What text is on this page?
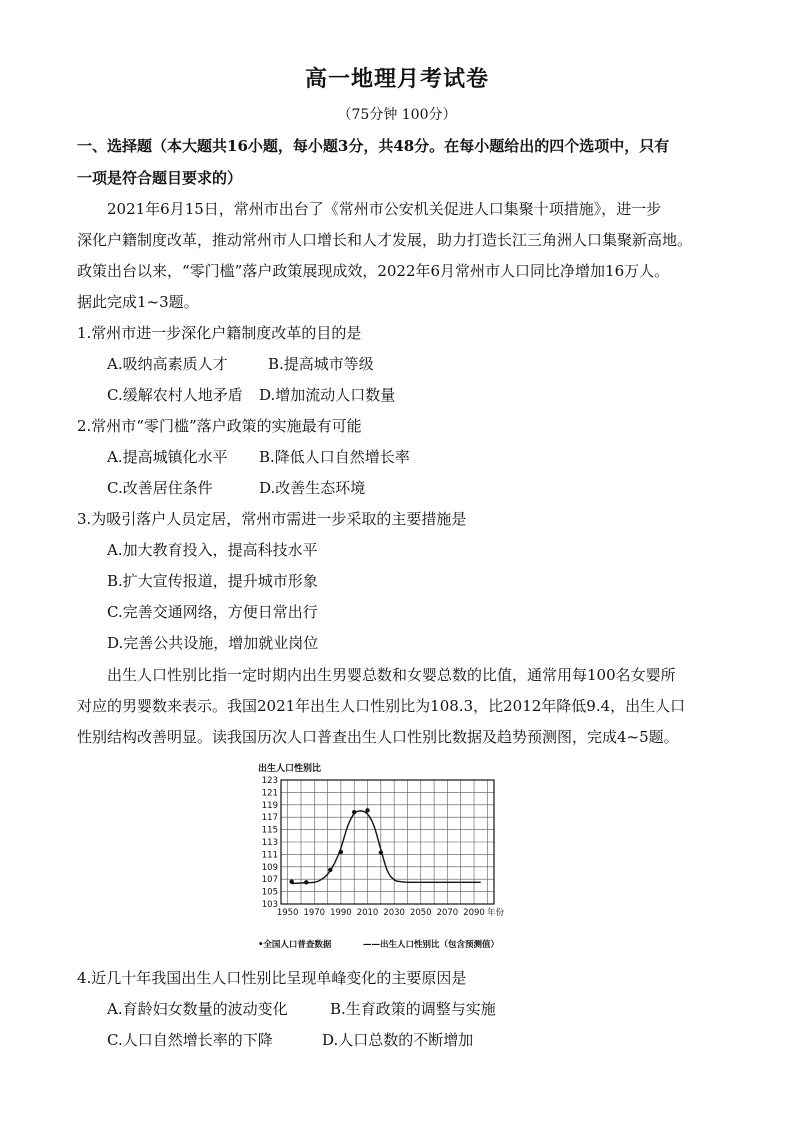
高一地理月考试卷
（75分钟 100分）
一、选择题（本大题共16小题，每小题3分，共48分。在每小题给出的四个选项中，只有
一项是符合题目要求的）
2021年6月15日，常州市出台了《常州市公安机关促进人口集聚十项措施》，进一步
深化户籍制度改革，推动常州市人口增长和人才发展，助力打造长江三角洲人口集聚新高地。
政策出台以来，“零门槛”落户政策展现成效，2022年6月常州市人口同比净增加16万人。
据此完成1~3题。
1.常州市进一步深化户籍制度改革的目的是
A.吸纳高素质人才	B.提高城市等级
C.缓解农村人地矛盾 D.增加流动人口数量
2.常州市“零门槛”落户政策的实施最有可能
A.提高城镇化水平 B.降低人口自然增长率
C.改善居住条件	D.改善生态环境
3.为吸引落户人员定居，常州市需进一步采取的主要措施是
A.加大教育投入，提高科技水平
B.扩大宣传报道，提升城市形象
C.完善交通网络，方便日常出行
D.完善公共设施，增加就业岗位
出生人口性别比指一定时期内出生男婴总数和女婴总数的比值，通常用每100名女婴所
对应的男婴数来表示。我国2021年出生人口性别比为108.3，比2012年降低9.4，出生人口
性别结构改善明显。读我国历次人口普查出生人口性别比数据及趋势预测图，完成4~5题。
出生人口性别比
103
105
107
109
111
113
115
117
119
121
123
1950 1970 1990 2010 2030 2050 2070 2090 年份
•全国人口普查数据	——出生人口性别比（包含预测值）
4.近几十年我国出生人口性别比呈现单峰变化的主要原因是
A.育龄妇女数量的波动变化	B.生育政策的调整与实施
C.人口自然增长率的下降	D.人口总数的不断增加
